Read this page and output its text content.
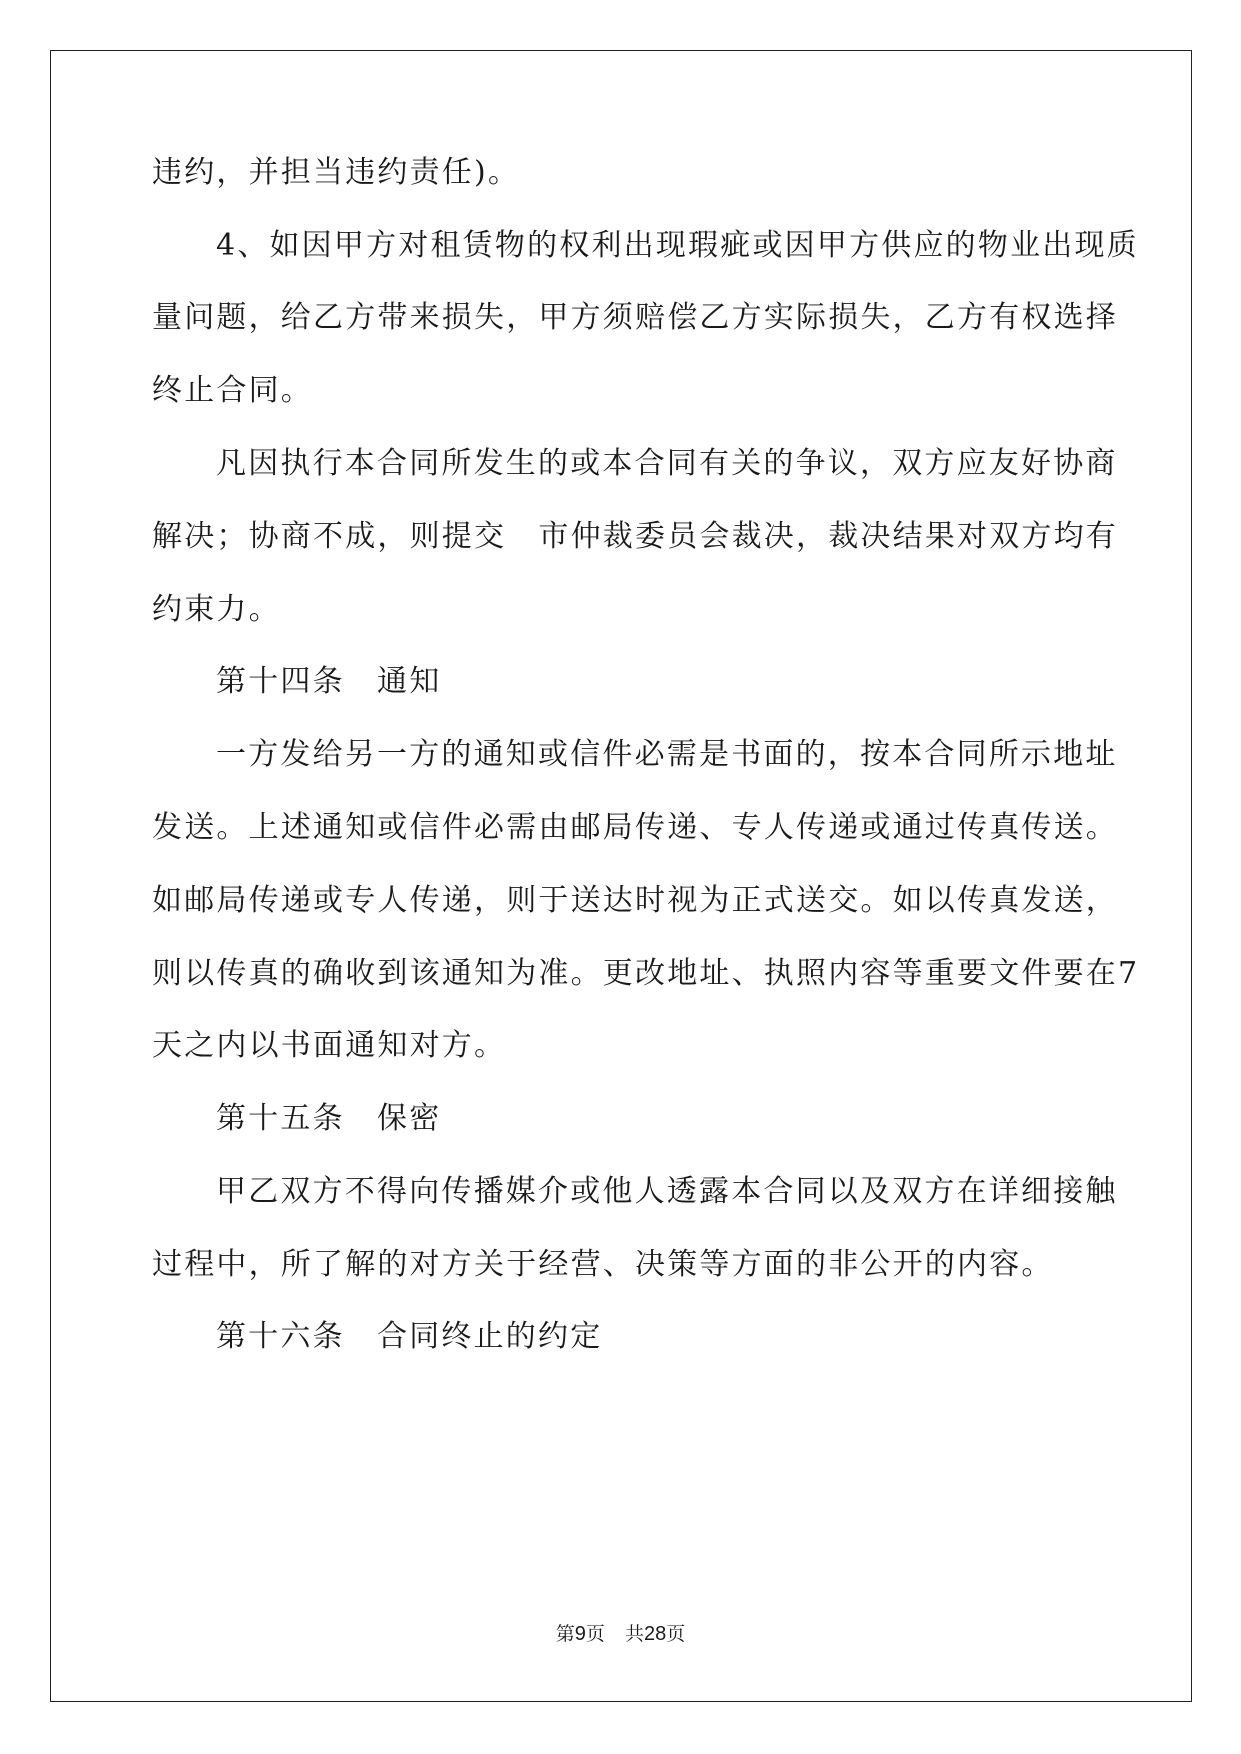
违约，并担当违约责任)。
4、如因甲方对租赁物的权利出现瑕疵或因甲方供应的物业出现质
量问题，给乙方带来损失，甲方须赔偿乙方实际损失，乙方有权选择
终止合同。
凡因执行本合同所发生的或本合同有关的争议，双方应友好协商
解决；协商不成，则提交　市仲裁委员会裁决，裁决结果对双方均有
约束力。
第十四条　通知
一方发给另一方的通知或信件必需是书面的，按本合同所示地址
发送。上述通知或信件必需由邮局传递、专人传递或通过传真传送。
如邮局传递或专人传递，则于送达时视为正式送交。如以传真发送，
则以传真的确收到该通知为准。更改地址、执照内容等重要文件要在7
天之内以书面通知对方。
第十五条　保密
甲乙双方不得向传播媒介或他人透露本合同以及双方在详细接触
过程中，所了解的对方关于经营、决策等方面的非公开的内容。
第十六条　合同终止的约定
第9页 共28页
